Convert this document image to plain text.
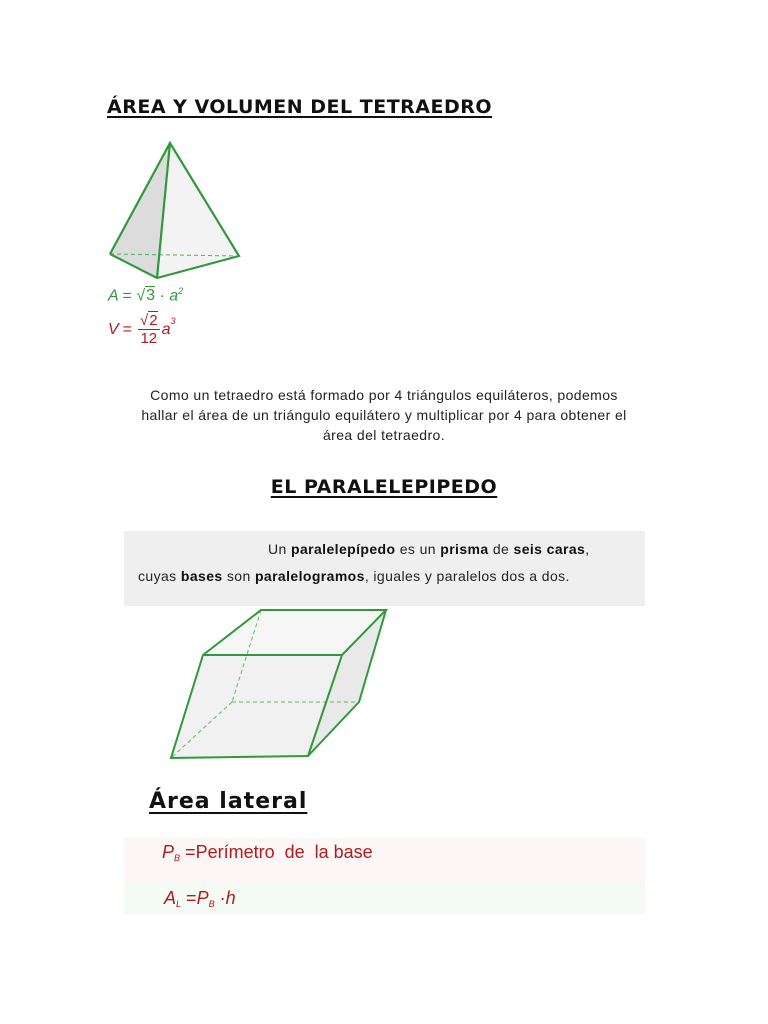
ÁREA Y VOLUMEN DEL TETRAEDRO
$A = √3 \cdot a^2$
$V = \frac{√2}{12} a^3$
Como un tetraedro está formado por 4 triángulos equiláteros, podemos hallar el área de un triángulo equilátero y multiplicar por 4 para obtener el área del tetraedro.
EL PARALELEPIPEDO
Un paralelepípedo es un prisma de seis caras,
cuyas bases son paralelogramos, iguales y paralelos dos a dos.
Área lateral
$P_B$ =Perímetro  de  la base
$A_L =P_B \cdot h$
